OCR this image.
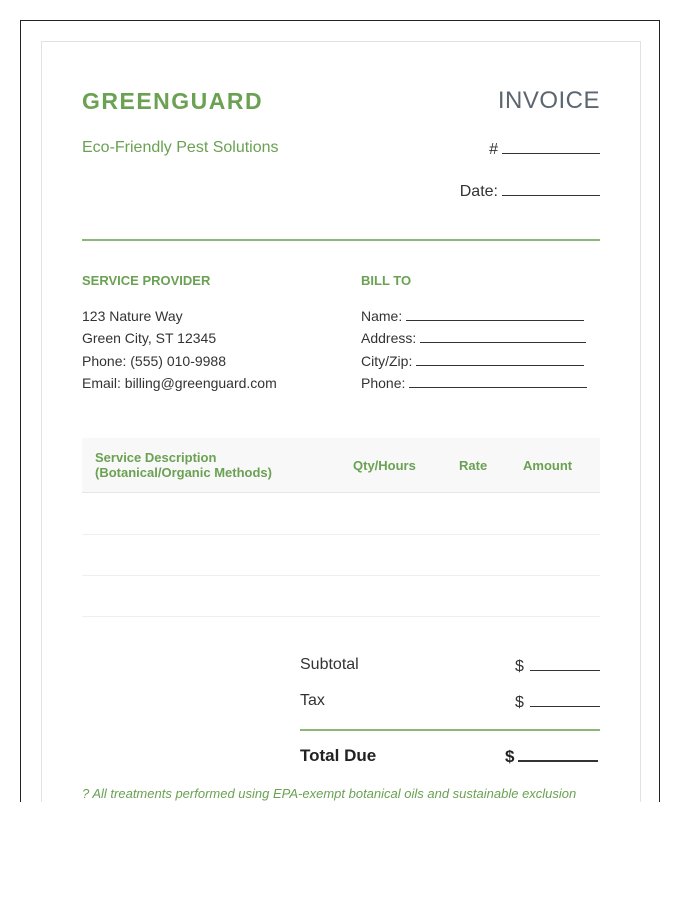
GREENGUARD
Eco-Friendly Pest Solutions
INVOICE
#
Date:
SERVICE PROVIDER
123 Nature Way
Green City, ST 12345
Phone: (555) 010-9988
Email: billing@greenguard.com
BILL TO
Name:
Address:
City/Zip:
Phone:
Service Description
(Botanical/Organic Methods)	Qty/Hours	Rate	Amount
Subtotal	$
Tax	$
Total Due	$
? All treatments performed using EPA-exempt botanical oils and sustainable exclusion
